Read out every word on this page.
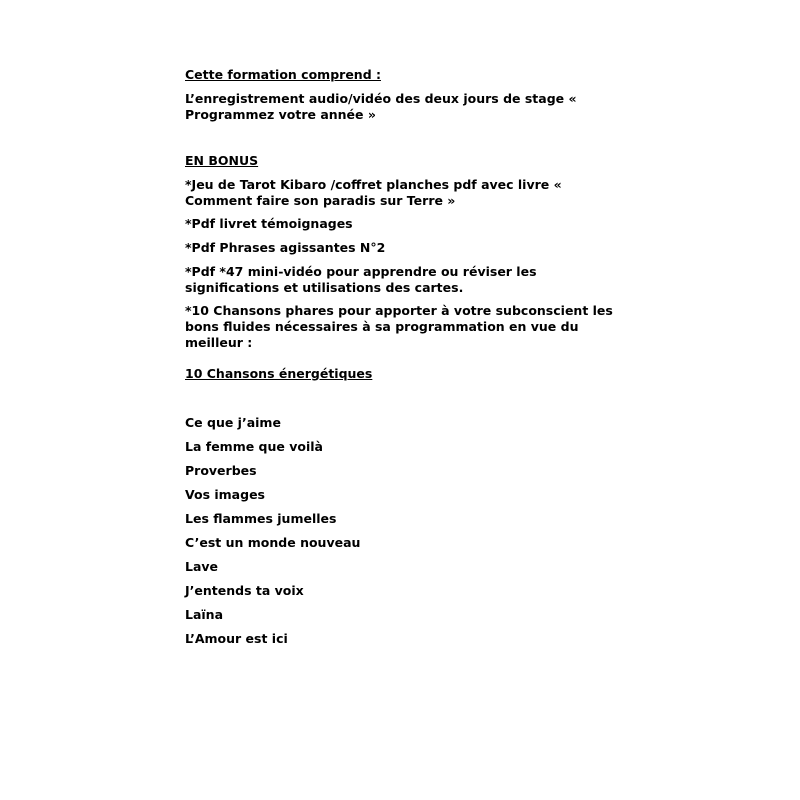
Cette formation comprend :

L’enregistrement audio/vidéo des deux jours de stage « Programmez votre année »

EN BONUS

*Jeu de Tarot Kibaro /coffret planches pdf avec livre « Comment faire son paradis sur Terre »

*Pdf livret témoignages

*Pdf Phrases agissantes N°2

*Pdf *47 mini-vidéo pour apprendre ou réviser les significations et utilisations des cartes.

*10 Chansons phares pour apporter à votre subconscient les bons fluides nécessaires à sa programmation en vue du meilleur :

10 Chansons énergétiques

Ce que j’aime

La femme que voilà

Proverbes

Vos images

Les flammes jumelles

C’est un monde nouveau

Lave

J’entends ta voix

Laïna

L’Amour est ici
